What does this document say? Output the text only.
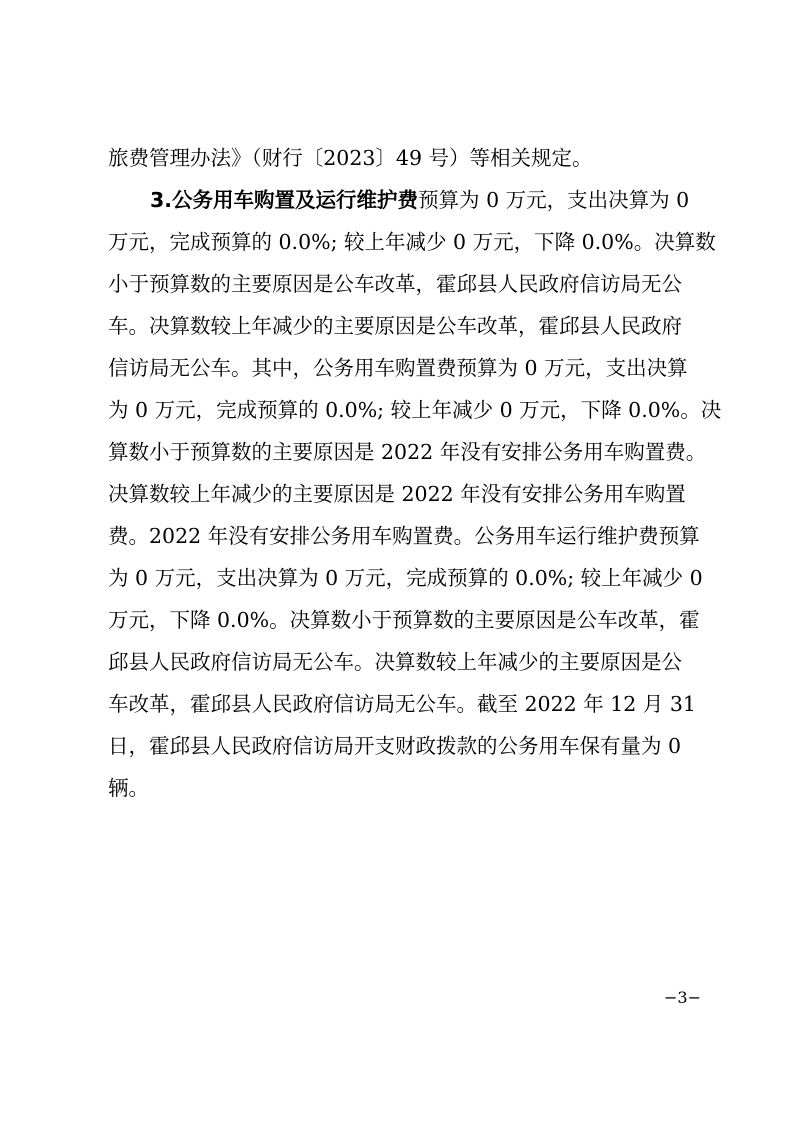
旅费管理办法》（财行〔2023〕49 号）等相关规定。
3.公务用车购置及运行维护费预算为 0 万元，支出决算为 0
万元，完成预算的 0.0%; 较上年减少 0 万元，下降 0.0%。决算数
小于预算数的主要原因是公车改革，霍邱县人民政府信访局无公
车。决算数较上年减少的主要原因是公车改革，霍邱县人民政府
信访局无公车。其中，公务用车购置费预算为 0 万元，支出决算
为 0 万元，完成预算的 0.0%; 较上年减少 0 万元，下降 0.0%。决
算数小于预算数的主要原因是 2022 年没有安排公务用车购置费。
决算数较上年减少的主要原因是 2022 年没有安排公务用车购置
费。2022 年没有安排公务用车购置费。公务用车运行维护费预算
为 0 万元，支出决算为 0 万元，完成预算的 0.0%; 较上年减少 0
万元，下降 0.0%。决算数小于预算数的主要原因是公车改革，霍
邱县人民政府信访局无公车。决算数较上年减少的主要原因是公
车改革，霍邱县人民政府信访局无公车。截至 2022 年 12 月 31
日，霍邱县人民政府信访局开支财政拨款的公务用车保有量为 0
辆。
−3−
